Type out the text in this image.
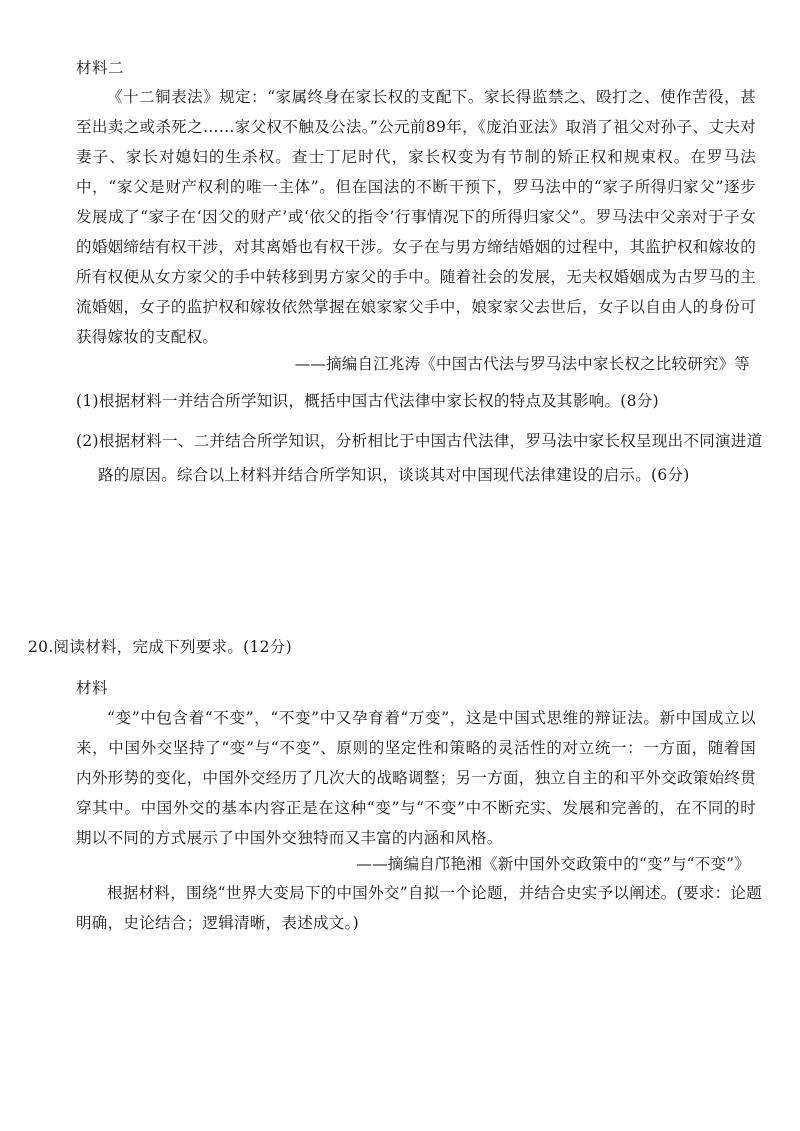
材料二

《十二铜表法》规定：“家属终身在家长权的支配下。家长得监禁之、殴打之、使作苦役，甚至出卖之或杀死之……家父权不触及公法。”公元前89年，《庞泊亚法》取消了祖父对孙子、丈夫对妻子、家长对媳妇的生杀权。查士丁尼时代，家长权变为有节制的矫正权和规束权。在罗马法中，“家父是财产权利的唯一主体”。但在国法的不断干预下，罗马法中的“家子所得归家父”逐步发展成了“家子在‘因父的财产’或‘依父的指令’行事情况下的所得归家父”。罗马法中父亲对于子女的婚姻缔结有权干涉，对其离婚也有权干涉。女子在与男方缔结婚姻的过程中，其监护权和嫁妆的所有权便从女方家父的手中转移到男方家父的手中。随着社会的发展，无夫权婚姻成为古罗马的主流婚姻，女子的监护权和嫁妆依然掌握在娘家家父手中，娘家家父去世后，女子以自由人的身份可获得嫁妆的支配权。

——摘编自江兆涛《中国古代法与罗马法中家长权之比较研究》等

(1)根据材料一并结合所学知识，概括中国古代法律中家长权的特点及其影响。(8分)

(2)根据材料一、二并结合所学知识，分析相比于中国古代法律，罗马法中家长权呈现出不同演进道路的原因。综合以上材料并结合所学知识，谈谈其对中国现代法律建设的启示。(6分)

20.阅读材料，完成下列要求。(12分)
材料

“变”中包含着“不变”，“不变”中又孕育着“万变”，这是中国式思维的辩证法。新中国成立以来，中国外交坚持了“变”与“不变”、原则的坚定性和策略的灵活性的对立统一：一方面，随着国内外形势的变化，中国外交经历了几次大的战略调整；另一方面，独立自主的和平外交政策始终贯穿其中。中国外交的基本内容正是在这种“变”与“不变”中不断充实、发展和完善的，在不同的时期以不同的方式展示了中国外交独特而又丰富的内涵和风格。

——摘编自邝艳湘《新中国外交政策中的“变”与“不变”》

根据材料，围绕“世界大变局下的中国外交”自拟一个论题，并结合史实予以阐述。(要求：论题明确，史论结合；逻辑清晰，表述成文。)
